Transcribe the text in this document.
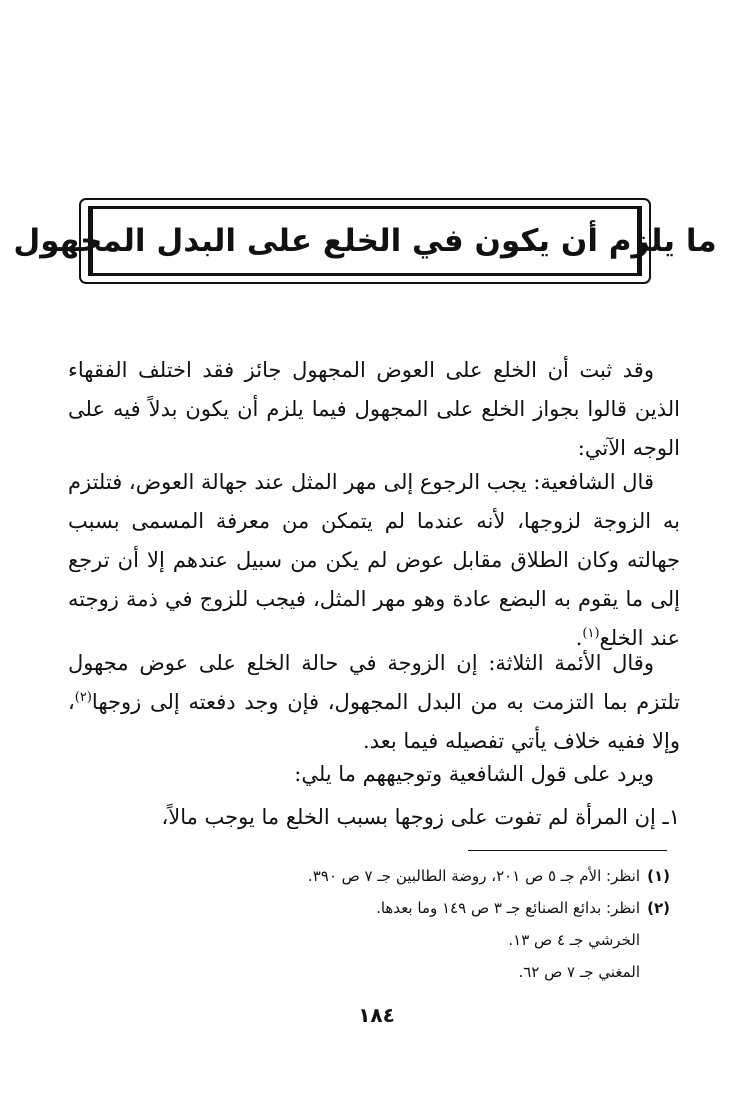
ما يلزم أن يكون في الخلع على البدل المجهول

وقد ثبت أن الخلع على العوض المجهول جائز فقد اختلف الفقهاء الذين قالوا بجواز الخلع على المجهول فيما يلزم أن يكون بدلاً فيه على الوجه الآتي:

قال الشافعية: يجب الرجوع إلى مهر المثل عند جهالة العوض، فتلتزم به الزوجة لزوجها، لأنه عندما لم يتمكن من معرفة المسمى بسبب جهالته وكان الطلاق مقابل عوض لم يكن من سبيل عندهم إلا أن ترجع إلى ما يقوم به البضع عادة وهو مهر المثل، فيجب للزوج في ذمة زوجته عند الخلع$^{(١)}$.

وقال الأئمة الثلاثة: إن الزوجة في حالة الخلع على عوض مجهول تلتزم بما التزمت به من البدل المجهول، فإن وجد دفعته إلى زوجها$^{(٢)}$، وإلا ففيه خلاف يأتي تفصيله فيما بعد.

ويرد على قول الشافعية وتوجيههم ما يلي:

١ـ إن المرأة لم تفوت على زوجها بسبب الخلع ما يوجب مالاً،

(١)انظر: الأم جـ ٥ ص ٢٠١، روضة الطالبين جـ ٧ ص ٣٩٠.
(٢)انظر: بدائع الصنائع جـ ٣ ص ١٤٩ وما بعدها.
الخرشي جـ ٤ ص ١٣.
المغني جـ ٧ ص ٦٢.
١٨٤
